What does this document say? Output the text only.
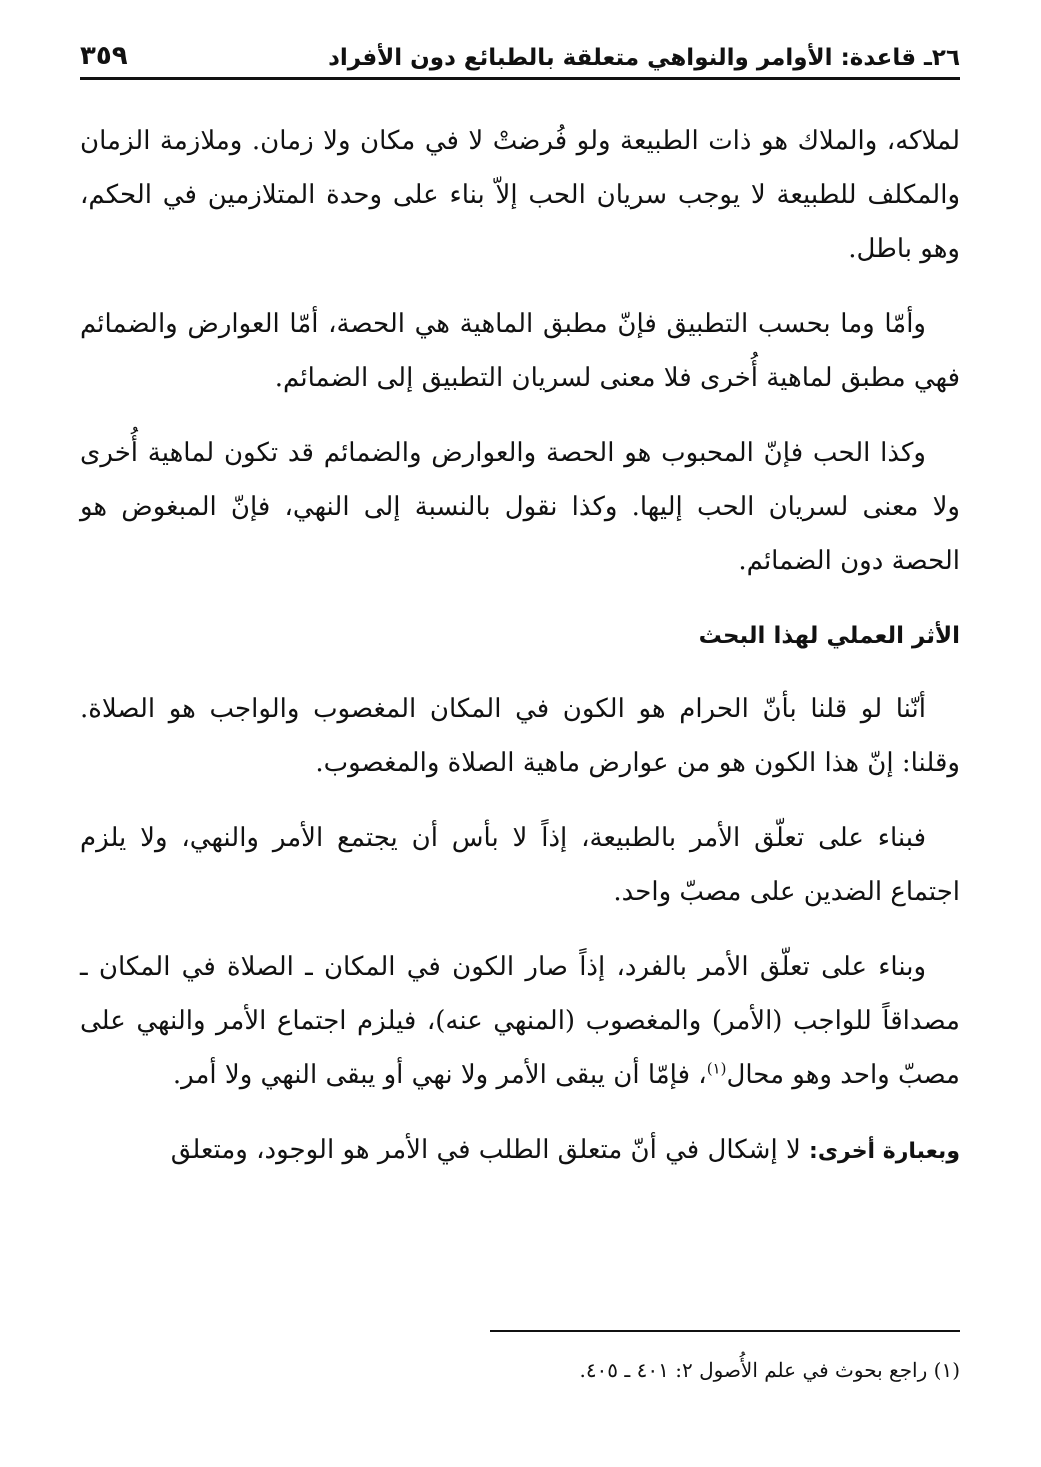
٢٦ـ قاعدة: الأوامر والنواهي متعلقة بالطبائع دون الأفراد
٣٥٩

لملاكه، والملاك هو ذات الطبيعة ولو فُرضتْ لا في مكان ولا زمان. وملازمة الزمان والمكلف للطبيعة لا يوجب سريان الحب إلاّ بناء على وحدة المتلازمين في الحكم، وهو باطل.

وأمّا وما بحسب التطبيق فإنّ مطبق الماهية هي الحصة، أمّا العوارض والضمائم فهي مطبق لماهية أُخرى فلا معنى لسريان التطبيق إلى الضمائم.

وكذا الحب فإنّ المحبوب هو الحصة والعوارض والضمائم قد تكون لماهية أُخرى ولا معنى لسريان الحب إليها. وكذا نقول بالنسبة إلى النهي، فإنّ المبغوض هو الحصة دون الضمائم.

الأثر العملي لهذا البحث

أنّنا لو قلنا بأنّ الحرام هو الكون في المكان المغصوب والواجب هو الصلاة. وقلنا: إنّ هذا الكون هو من عوارض ماهية الصلاة والمغصوب.

فبناء على تعلّق الأمر بالطبيعة، إذاً لا بأس أن يجتمع الأمر والنهي، ولا يلزم اجتماع الضدين على مصبّ واحد.

وبناء على تعلّق الأمر بالفرد، إذاً صار الكون في المكان ـ الصلاة في المكان ـ مصداقاً للواجب (الأمر) والمغصوب (المنهي عنه)، فيلزم اجتماع الأمر والنهي على مصبّ واحد وهو محال$^{(١)}$، فإمّا أن يبقى الأمر ولا نهي أو يبقى النهي ولا أمر.

وبعبارة أخرى: لا إشكال في أنّ متعلق الطلب في الأمر هو الوجود، ومتعلق

(١) راجع بحوث في علم الأُصول ٢: ٤٠١ ـ ٤٠٥.
